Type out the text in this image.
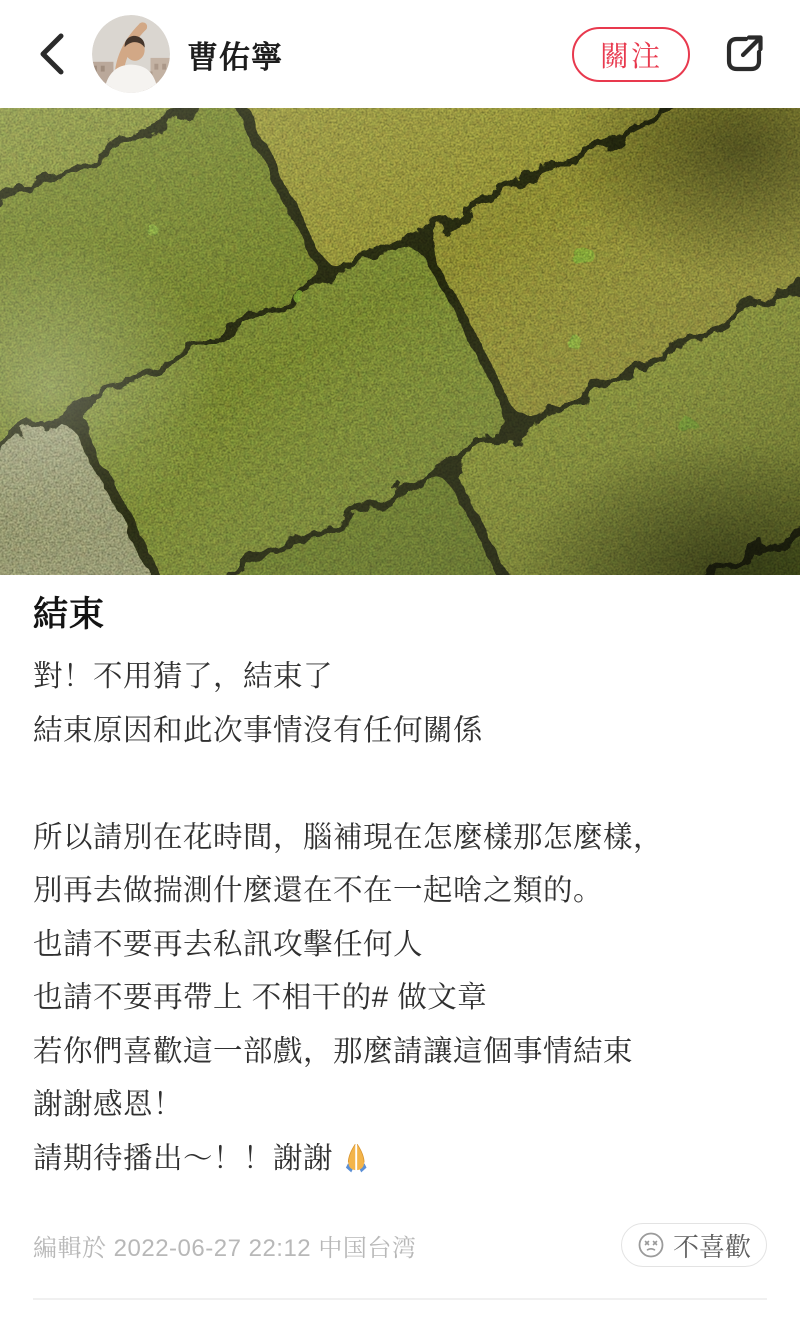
曹佑寧	關注
結束
對！不用猜了，結束了
結束原因和此次事情沒有任何關係
所以請別在花時間，腦補現在怎麼樣那怎麼樣，
別再去做揣測什麼還在不在一起啥之類的。
也請不要再去私訊攻擊任何人
也請不要再帶上 不相干的# 做文章
若你們喜歡這一部戲，那麼請讓這個事情結束
謝謝感恩！
請期待播出～！！謝謝
編輯於 2022-06-27 22:12 中国台湾	不喜歡
